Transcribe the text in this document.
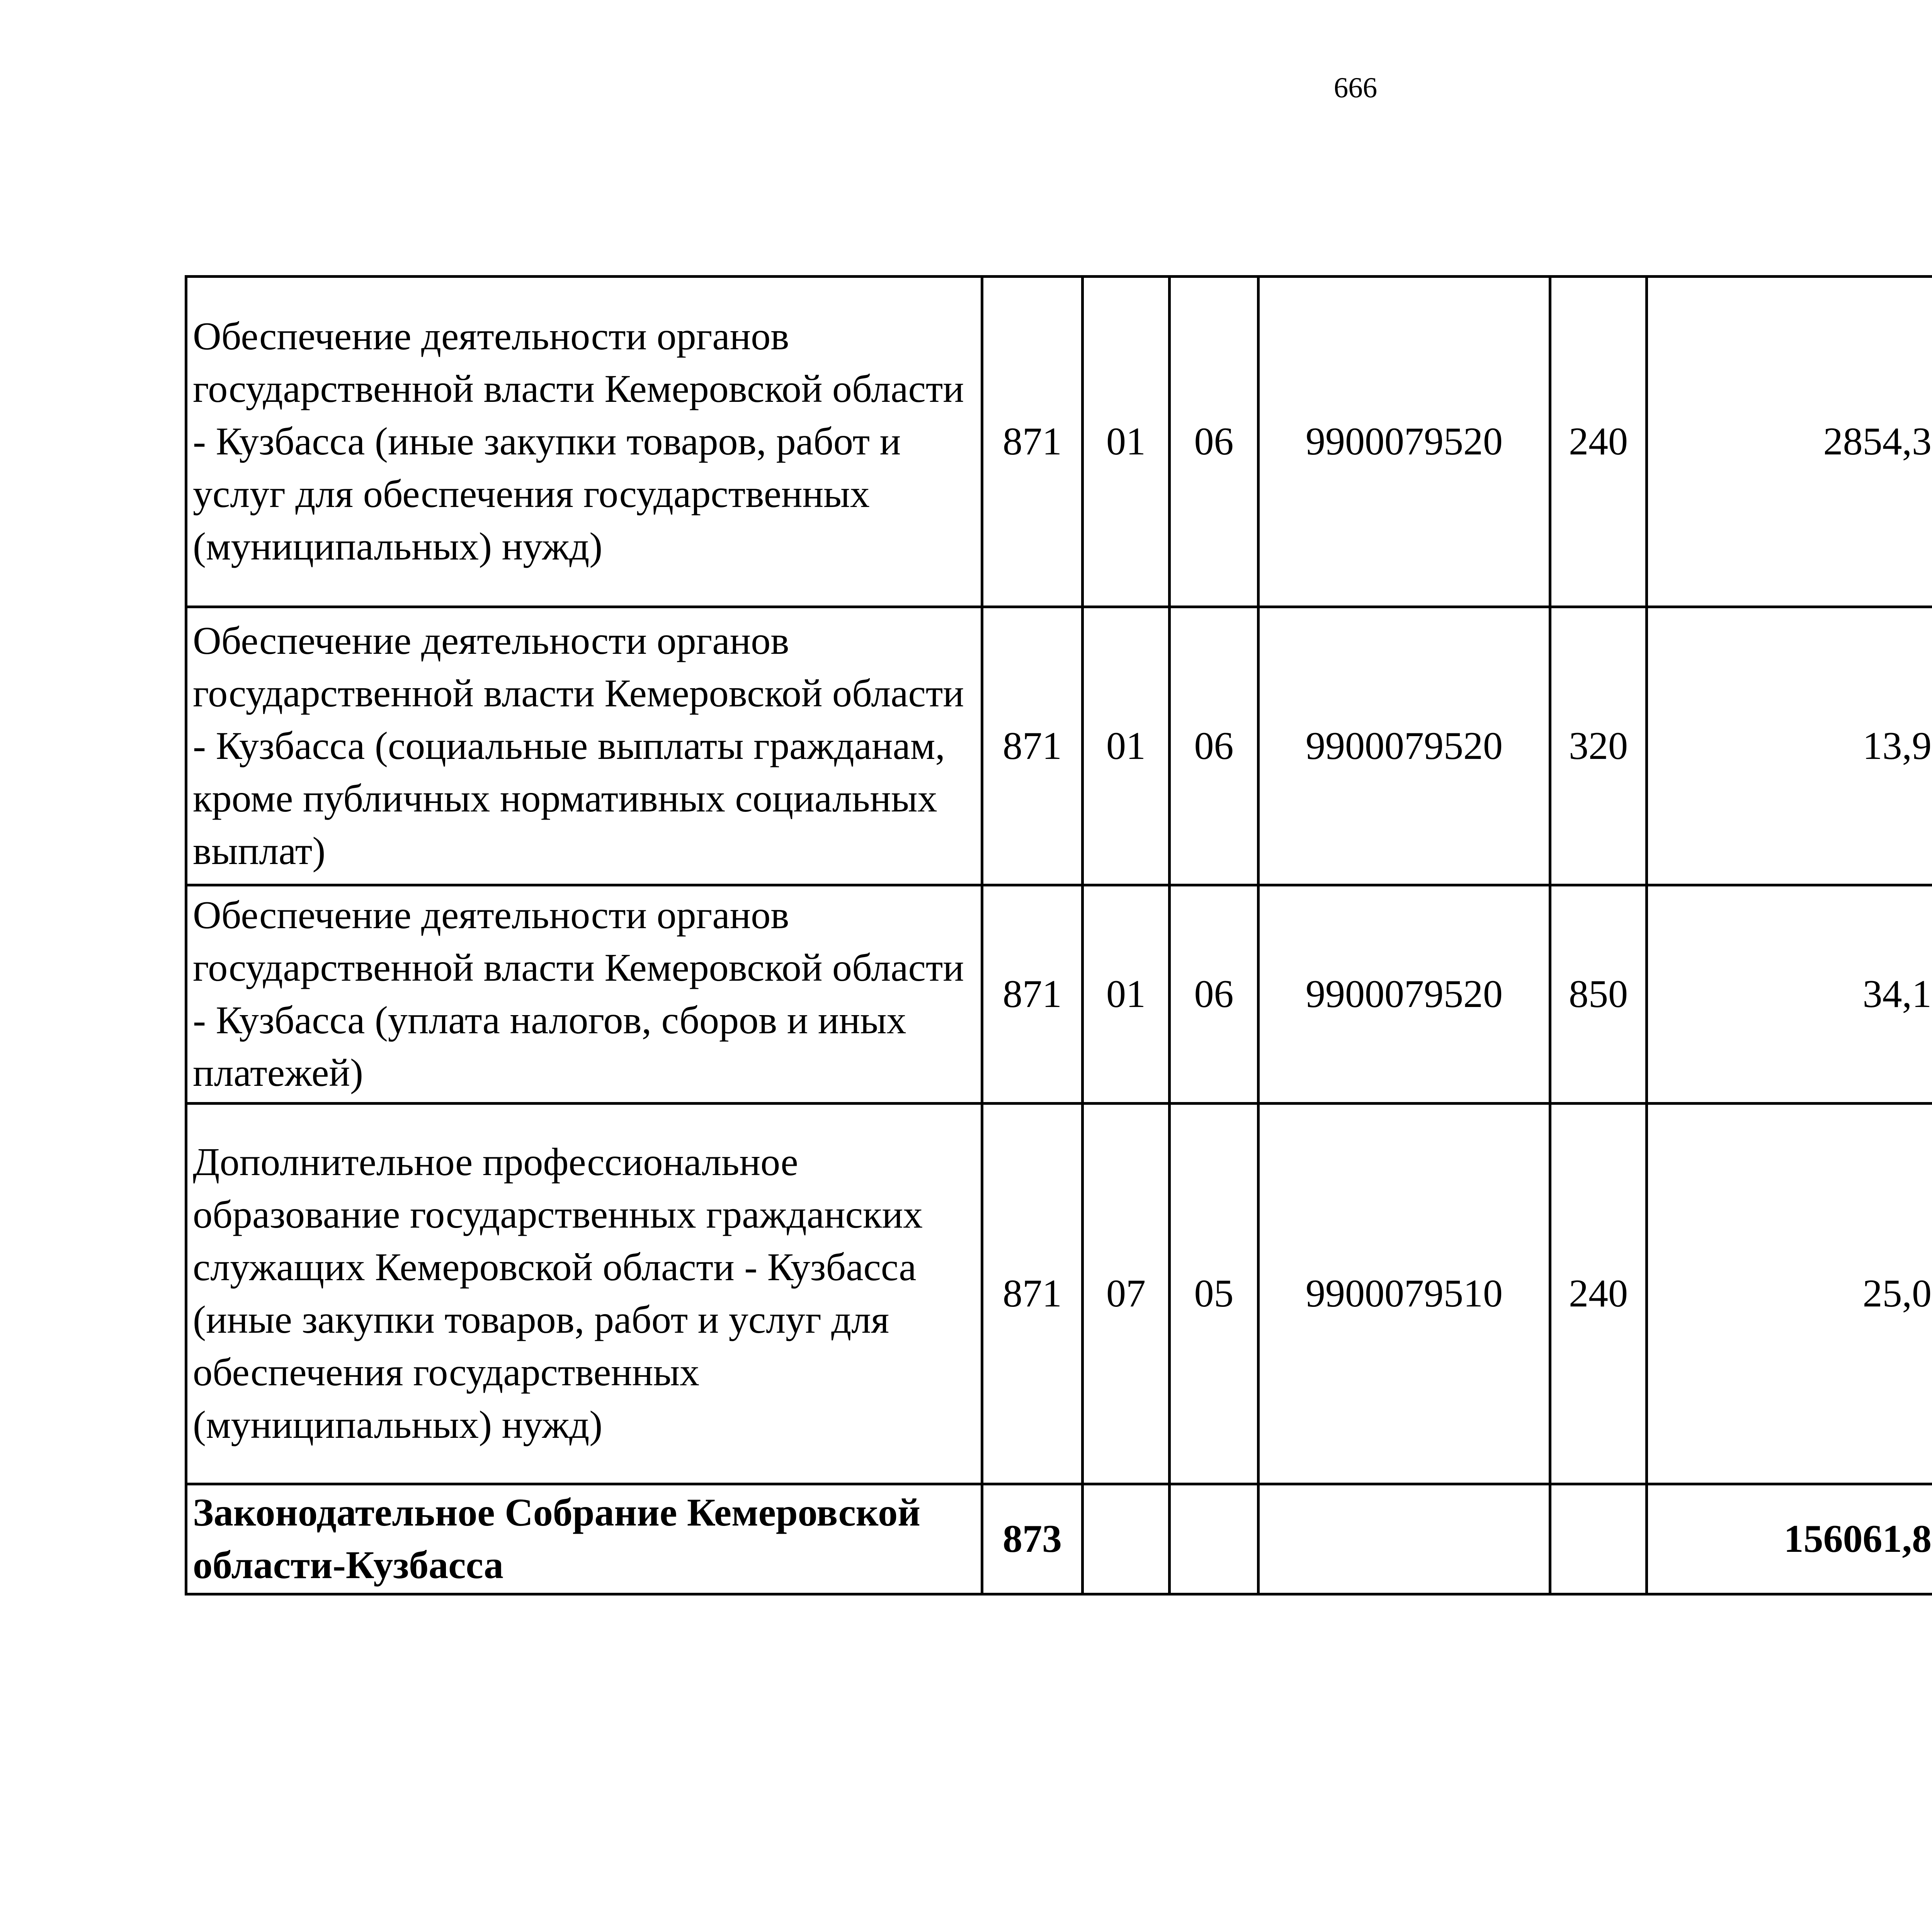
666
Обеспечение деятельности органов государственной власти Кемеровской области - Кузбасса (иные закупки товаров, работ и услуг для обеспечения государственных (муниципальных) нужд)	871	01	06	9900079520	240	2854,3		
Обеспечение деятельности органов государственной власти Кемеровской области - Кузбасса (социальные выплаты гражданам, кроме публичных нормативных социальных выплат)	871	01	06	9900079520	320	13,9		
Обеспечение деятельности органов государственной власти Кемеровской области - Кузбасса (уплата налогов, сборов и иных платежей)	871	01	06	9900079520	850	34,1		
Дополнительное профессиональное образование государственных гражданских служащих Кемеровской области - Кузбасса (иные закупки товаров, работ и услуг для обеспечения государственных (муниципальных) нужд)	871	07	05	9900079510	240	25,0		
Законодательное Собрание Кемеровской области-Кузбасса	873					156061,8		
